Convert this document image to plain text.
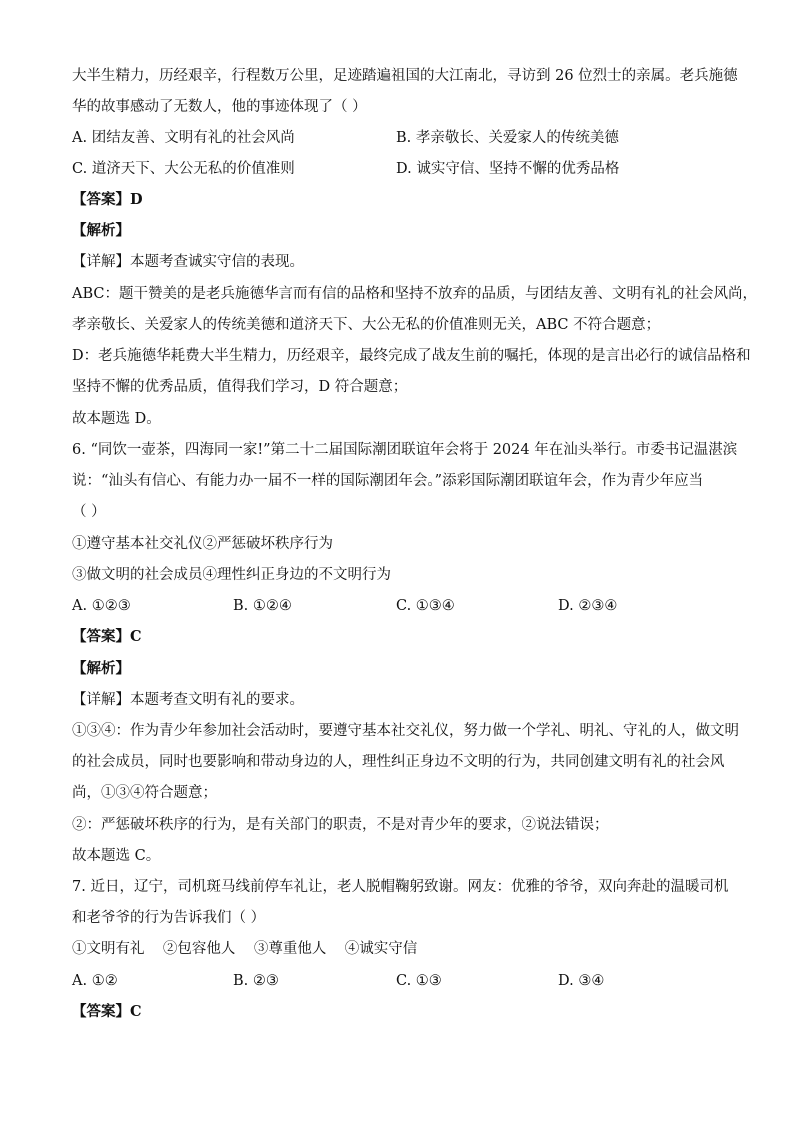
大半生精力，历经艰辛，行程数万公里，足迹踏遍祖国的大江南北，寻访到 26 位烈士的亲属。老兵施德
华的故事感动了无数人，他的事迹体现了（ ）
A. 团结友善、文明有礼的社会风尚	B. 孝亲敬长、关爱家人的传统美德
C. 道济天下、大公无私的价值准则	D. 诚实守信、坚持不懈的优秀品格
【答案】D
【解析】
【详解】本题考查诚实守信的表现。
ABC：题干赞美的是老兵施德华言而有信的品格和坚持不放弃的品质，与团结友善、文明有礼的社会风尚，
孝亲敬长、关爱家人的传统美德和道济天下、大公无私的价值准则无关，ABC 不符合题意；
D：老兵施德华耗费大半生精力，历经艰辛，最终完成了战友生前的嘱托，体现的是言出必行的诚信品格和
坚持不懈的优秀品质，值得我们学习，D 符合题意；
故本题选 D。
6. “同饮一壶茶，四海同一家!”第二十二届国际潮团联谊年会将于 2024 年在汕头举行。市委书记温湛滨
说：“汕头有信心、有能力办一届不一样的国际潮团年会。”添彩国际潮团联谊年会，作为青少年应当
（ ）
①遵守基本社交礼仪②严惩破坏秩序行为
③做文明的社会成员④理性纠正身边的不文明行为
A. ①②③	B. ①②④	C. ①③④	D. ②③④
【答案】C
【解析】
【详解】本题考查文明有礼的要求。
①③④：作为青少年参加社会活动时，要遵守基本社交礼仪，努力做一个学礼、明礼、守礼的人，做文明
的社会成员，同时也要影响和带动身边的人，理性纠正身边不文明的行为，共同创建文明有礼的社会风
尚，①③④符合题意；
②：严惩破坏秩序的行为，是有关部门的职责，不是对青少年的要求，②说法错误；
故本题选 C。
7. 近日，辽宁，司机斑马线前停车礼让，老人脱帽鞠躬致谢。网友：优雅的爷爷，双向奔赴的温暖司机
和老爷爷的行为告诉我们（ ）
①文明有礼    ②包容他人    ③尊重他人    ④诚实守信
A. ①②	B. ②③	C. ①③	D. ③④
【答案】C
